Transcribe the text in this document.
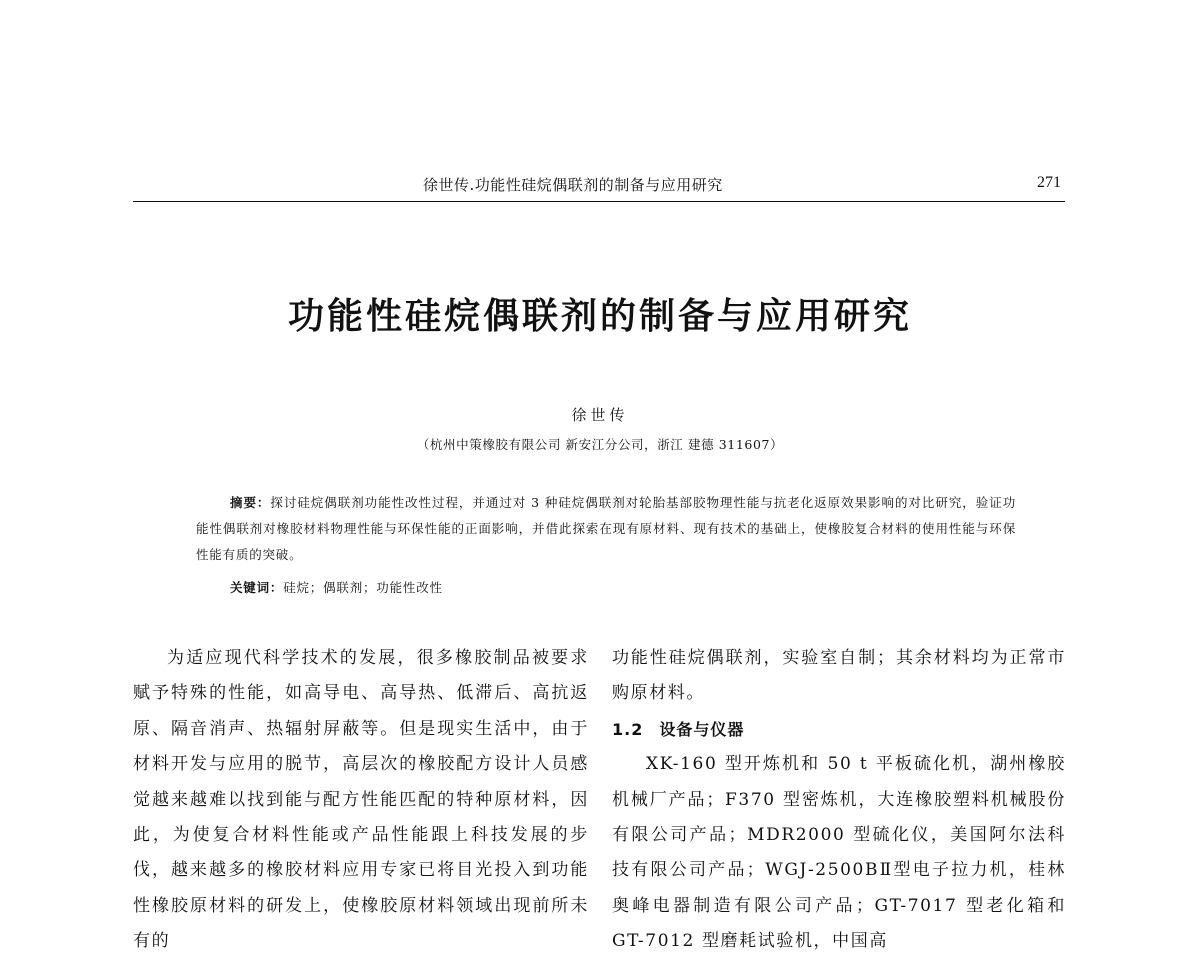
徐世传.功能性硅烷偶联剂的制备与应用研究	271
功能性硅烷偶联剂的制备与应用研究
徐世传
（杭州中策橡胶有限公司 新安江分公司，浙江 建德 311607）

摘要：探讨硅烷偶联剂功能性改性过程，并通过对 3 种硅烷偶联剂对轮胎基部胶物理性能与抗老化返原效果影响的对比研究，验证功能性偶联剂对橡胶材料物理性能与环保性能的正面影响，并借此探索在现有原材料、现有技术的基础上，使橡胶复合材料的使用性能与环保性能有质的突破。

关键词：硅烷；偶联剂；功能性改性

为适应现代科学技术的发展，很多橡胶制品被要求赋予特殊的性能，如高导电、高导热、低滞后、高抗返原、隔音消声、热辐射屏蔽等。但是现实生活中，由于材料开发与应用的脱节，高层次的橡胶配方设计人员感觉越来越难以找到能与配方性能匹配的特种原材料，因此，为使复合材料性能或产品性能跟上科技发展的步伐，越来越多的橡胶材料应用专家已将目光投入到功能性橡胶原材料的研发上，使橡胶原材料领域出现前所未有的

功能性硅烷偶联剂，实验室自制；其余材料均为正常市购原材料。

1.2 设备与仪器

XK-160 型开炼机和 50 t 平板硫化机，湖州橡胶机械厂产品；F370 型密炼机，大连橡胶塑料机械股份有限公司产品；MDR2000 型硫化仪，美国阿尔法科技有限公司产品；WGJ-2500BⅡ型电子拉力机，桂林奥峰电器制造有限公司产品；GT-7017 型老化箱和 GT-7012 型磨耗试验机，中国高
